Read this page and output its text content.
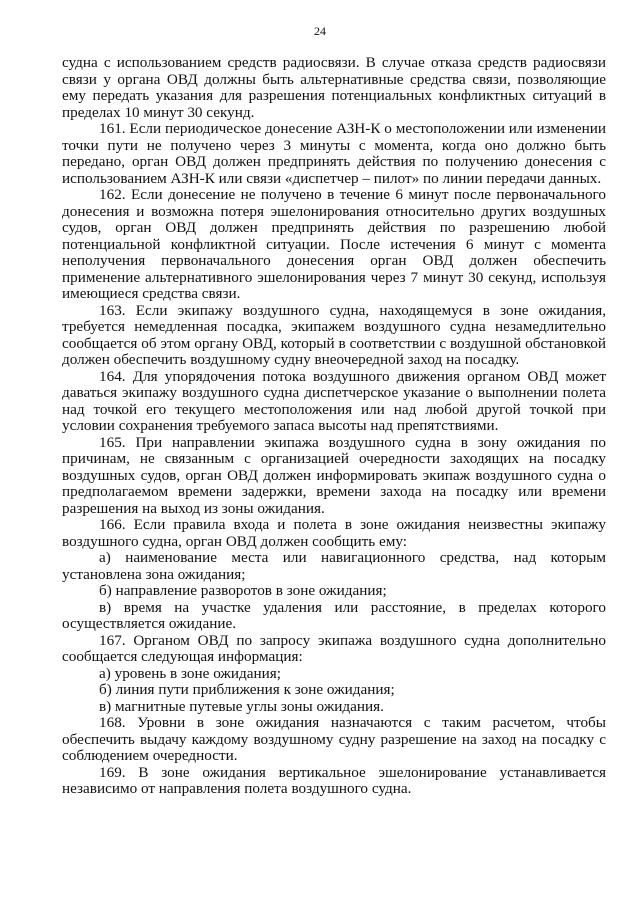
24

судна с использованием средств радиосвязи. В случае отказа средств радиосвязи связи у органа ОВД должны быть альтернативные средства связи, позволяющие ему передать указания для разрешения потенциальных конфликтных ситуаций в пределах 10 минут 30 секунд.

161. Если периодическое донесение АЗН-К о местоположении или изменении точки пути не получено через 3 минуты с момента, когда оно должно быть передано, орган ОВД должен предпринять действия по получению донесения с использованием АЗН-К или связи «диспетчер – пилот» по линии передачи данных.

162. Если донесение не получено в течение 6 минут после первоначального донесения и возможна потеря эшелонирования относительно других воздушных судов, орган ОВД должен предпринять действия по разрешению любой потенциальной конфликтной ситуации. После истечения 6 минут с момента неполучения первоначального донесения орган ОВД должен обеспечить применение альтернативного эшелонирования через 7 минут 30 секунд, используя имеющиеся средства связи.

163. Если экипажу воздушного судна, находящемуся в зоне ожидания, требуется немедленная посадка, экипажем воздушного судна незамедлительно сообщается об этом органу ОВД, который в соответствии с воздушной обстановкой должен обеспечить воздушному судну внеочередной заход на посадку.

164. Для упорядочения потока воздушного движения органом ОВД может даваться экипажу воздушного судна диспетчерское указание о выполнении полета над точкой его текущего местоположения или над любой другой точкой при условии сохранения требуемого запаса высоты над препятствиями.

165. При направлении экипажа воздушного судна в зону ожидания по причинам, не связанным с организацией очередности заходящих на посадку воздушных судов, орган ОВД должен информировать экипаж воздушного судна о предполагаемом времени задержки, времени захода на посадку или времени разрешения на выход из зоны ожидания.

166. Если правила входа и полета в зоне ожидания неизвестны экипажу воздушного судна, орган ОВД должен сообщить ему:

а) наименование места или навигационного средства, над которым установлена зона ожидания;

б) направление разворотов в зоне ожидания;

в) время на участке удаления или расстояние, в пределах которого осуществляется ожидание.

167. Органом ОВД по запросу экипажа воздушного судна дополнительно сообщается следующая информация:

а) уровень в зоне ожидания;

б) линия пути приближения к зоне ожидания;

в) магнитные путевые углы зоны ожидания.

168. Уровни в зоне ожидания назначаются с таким расчетом, чтобы обеспечить выдачу каждому воздушному судну разрешение на заход на посадку с соблюдением очередности.

169. В зоне ожидания вертикальное эшелонирование устанавливается независимо от направления полета воздушного судна.
